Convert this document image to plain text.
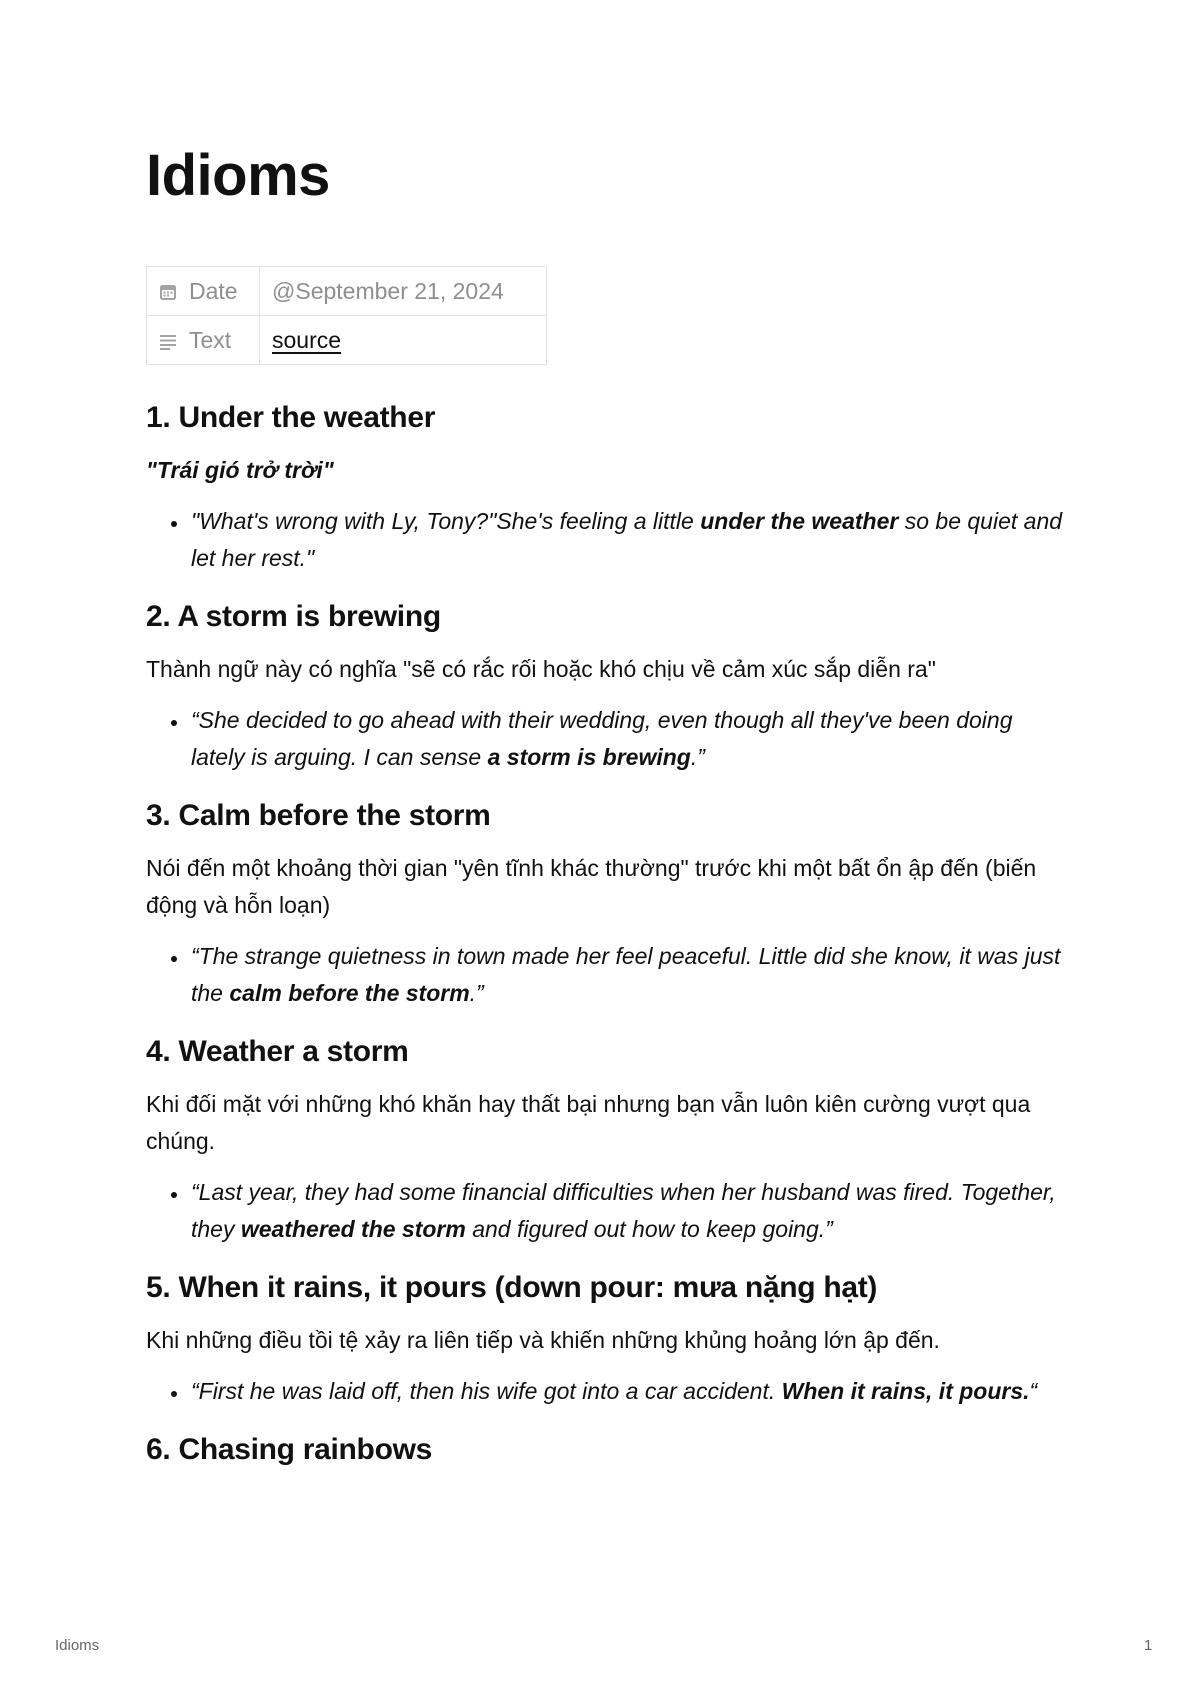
Idioms
Date	@September 21, 2024
Text	source
1. Under the weather

"Trái gió trở trời"

• "What's wrong with Ly, Tony?"She's feeling a little under the weather so be quiet and let her rest."
2. A storm is brewing

Thành ngữ này có nghĩa "sẽ có rắc rối hoặc khó chịu về cảm xúc sắp diễn ra"

• “She decided to go ahead with their wedding, even though all they've been doing lately is arguing. I can sense a storm is brewing.”
3. Calm before the storm

Nói đến một khoảng thời gian "yên tĩnh khác thường" trước khi một bất ổn ập đến (biến động và hỗn loạn)

• “The strange quietness in town made her feel peaceful. Little did she know, it was just the calm before the storm.”
4. Weather a storm

Khi đối mặt với những khó khăn hay thất bại nhưng bạn vẫn luôn kiên cường vượt qua chúng.

• “Last year, they had some financial difficulties when her husband was fired. Together, they weathered the storm and figured out how to keep going.”
5. When it rains, it pours (down pour: mưa nặng hạt)

Khi những điều tồi tệ xảy ra liên tiếp và khiến những khủng hoảng lớn ập đến.

• “First he was laid off, then his wife got into a car accident. When it rains, it pours.“
6. Chasing rainbows
Idioms	1
